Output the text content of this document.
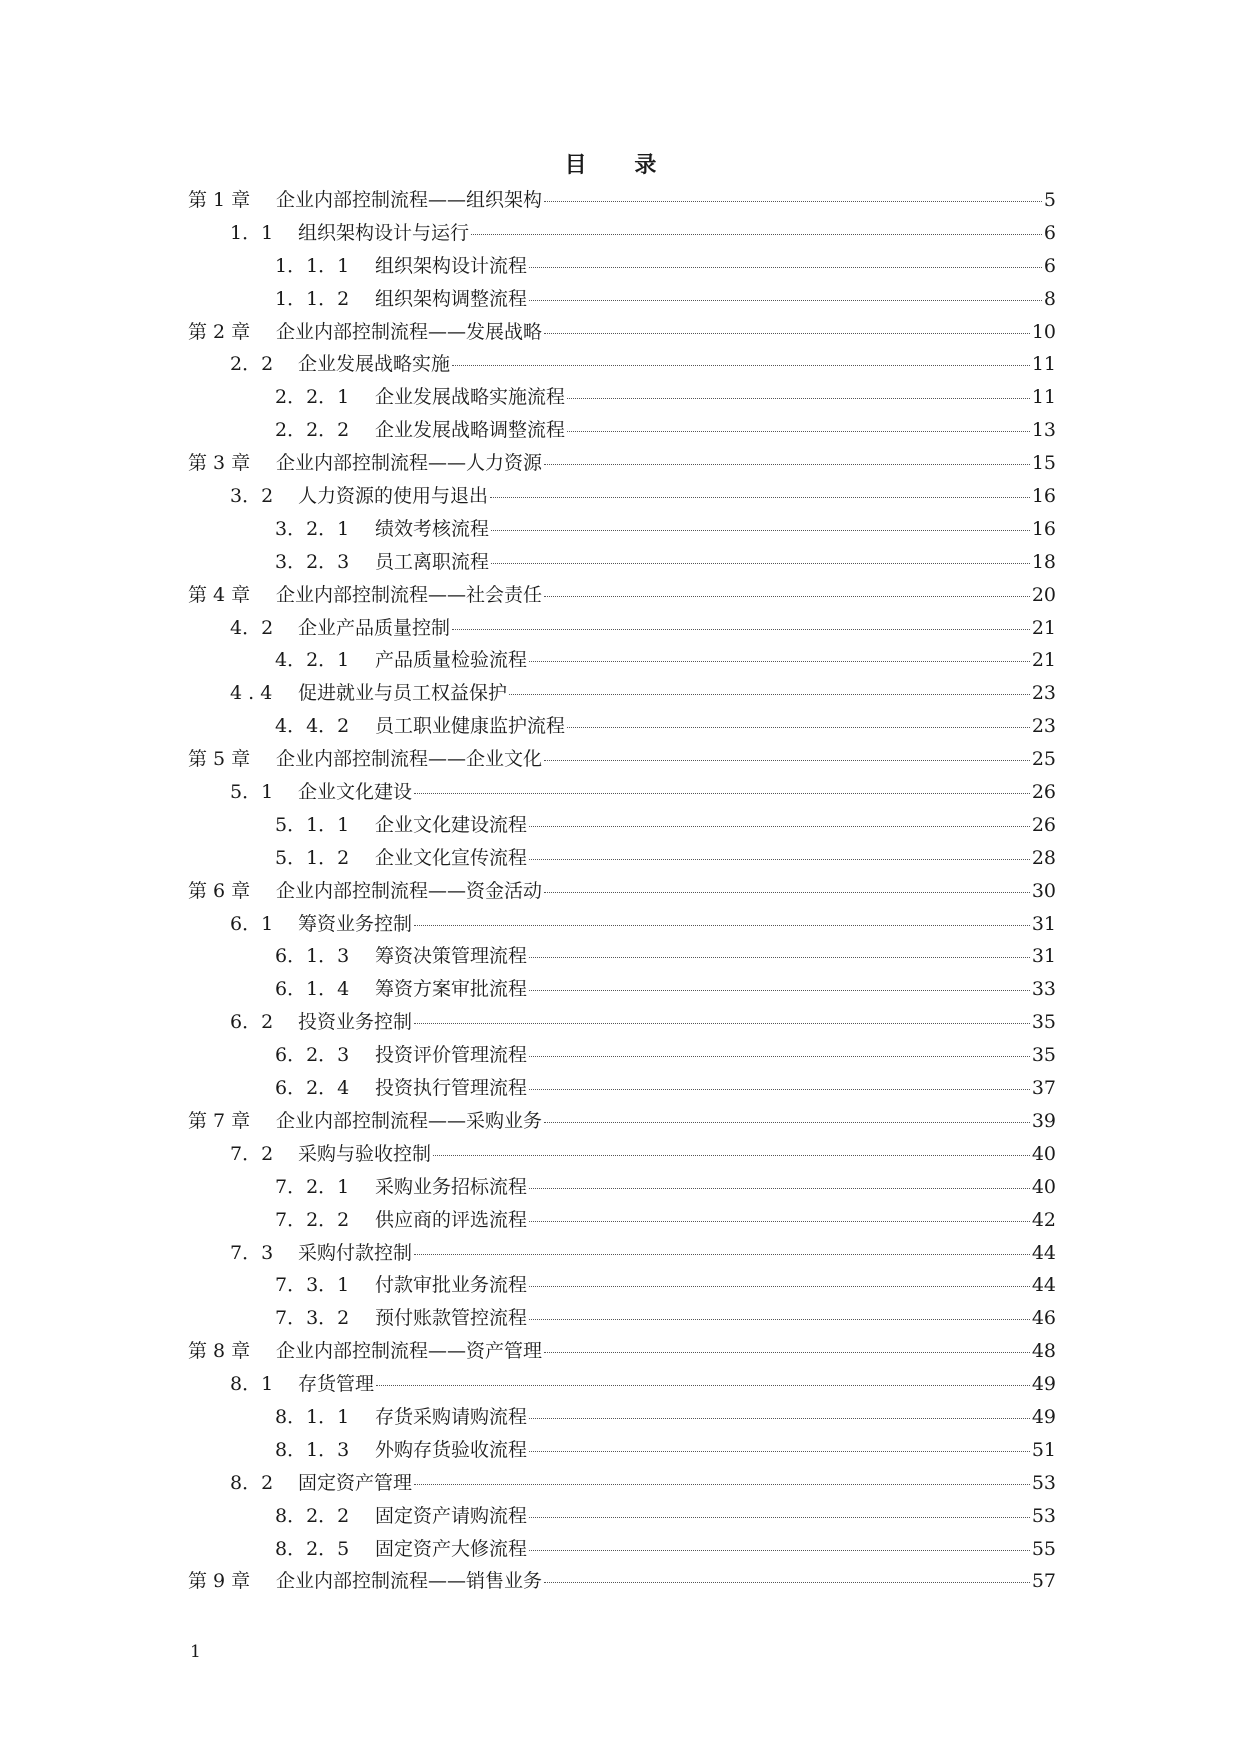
目 录
第 1 章	企业内部控制流程——组织架构	5
1．1	组织架构设计与运行	6
1．1．1	组织架构设计流程	6
1．1．2	组织架构调整流程	8
第 2 章	企业内部控制流程——发展战略	10
2．2	企业发展战略实施	11
2．2．1	企业发展战略实施流程	11
2．2．2	企业发展战略调整流程	13
第 3 章	企业内部控制流程——人力资源	15
3．2	人力资源的使用与退出	16
3．2．1	绩效考核流程	16
3．2．3	员工离职流程	18
第 4 章	企业内部控制流程——社会责任	20
4．2	企业产品质量控制	21
4．2．1	产品质量检验流程	21
4 . 4	促进就业与员工权益保护	23
4．4．2	员工职业健康监护流程	23
第 5 章	企业内部控制流程——企业文化	25
5．1	企业文化建设	26
5．1．1	企业文化建设流程	26
5．1．2	企业文化宣传流程	28
第 6 章	企业内部控制流程——资金活动	30
6．1	筹资业务控制	31
6．1．3	筹资决策管理流程	31
6．1．4	筹资方案审批流程	33
6．2	投资业务控制	35
6．2．3	投资评价管理流程	35
6．2．4	投资执行管理流程	37
第 7 章	企业内部控制流程——采购业务	39
7．2	采购与验收控制	40
7．2．1	采购业务招标流程	40
7．2．2	供应商的评选流程	42
7．3	采购付款控制	44
7．3．1	付款审批业务流程	44
7．3．2	预付账款管控流程	46
第 8 章	企业内部控制流程——资产管理	48
8．1	存货管理	49
8．1．1	存货采购请购流程	49
8．1．3	外购存货验收流程	51
8．2	固定资产管理	53
8．2．2	固定资产请购流程	53
8．2．5	固定资产大修流程	55
第 9 章	企业内部控制流程——销售业务	57
1
